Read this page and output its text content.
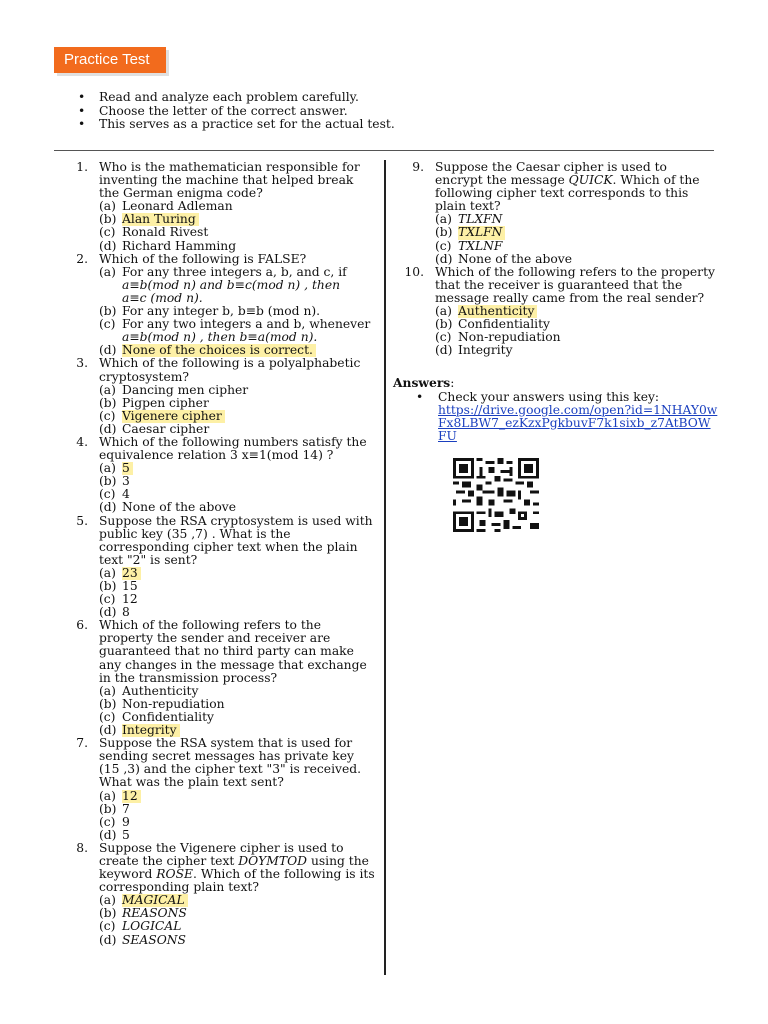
Practice Test
• Read and analyze each problem carefully.
• Choose the letter of the correct answer.
• This serves as a practice set for the actual test.
1. Who is the mathematician responsible for inventing the machine that helped break the German enigma code?
(a) Leonard Adleman
(b) Alan Turing
(c) Ronald Rivest
(d) Richard Hamming
2. Which of the following is FALSE?
(a) For any three integers a, b, and c, if
a≡b(mod n) and b≡c(mod n) , then
a≡c (mod n).
(b) For any integer b, b≡b (mod n).
(c) For any two integers a and b, whenever
a≡b(mod n) , then b≡a(mod n).
(d) None of the choices is correct.
3. Which of the following is a polyalphabetic cryptosystem?
(a) Dancing men cipher
(b) Pigpen cipher
(c) Vigenere cipher
(d) Caesar cipher
4. Which of the following numbers satisfy the equivalence relation 3 x≡1(mod 14) ?
(a) 5
(b) 3
(c) 4
(d) None of the above
5. Suppose the RSA cryptosystem is used with public key (35 ,7) . What is the corresponding cipher text when the plain text "2" is sent?
(a) 23
(b) 15
(c) 12
(d) 8
6. Which of the following refers to the property the sender and receiver are guaranteed that no third party can make any changes in the message that exchange in the transmission process?
(a) Authenticity
(b) Non-repudiation
(c) Confidentiality
(d) Integrity
7. Suppose the RSA system that is used for sending secret messages has private key (15 ,3) and the cipher text "3" is received. What was the plain text sent?
(a) 12
(b) 7
(c) 9
(d) 5
8. Suppose the Vigenere cipher is used to create the cipher text DOYMTOD using the keyword ROSE. Which of the following is its corresponding plain text?
(a) MAGICAL
(b) REASONS
(c) LOGICAL
(d) SEASONS
9. Suppose the Caesar cipher is used to encrypt the message QUICK. Which of the following cipher text corresponds to this plain text?
(a) TLXFN
(b) TXLFN
(c) TXLNF
(d) None of the above
10. Which of the following refers to the property that the receiver is guaranteed that the message really came from the real sender?
(a) Authenticity
(b) Confidentiality
(c) Non-repudiation
(d) Integrity
Answers:
• Check your answers using this key:
https://drive.google.com/open?id=1NHAY0wFx8LBW7_ezKzxPgkbuvF7k1sixb_z7AtBOWFU
